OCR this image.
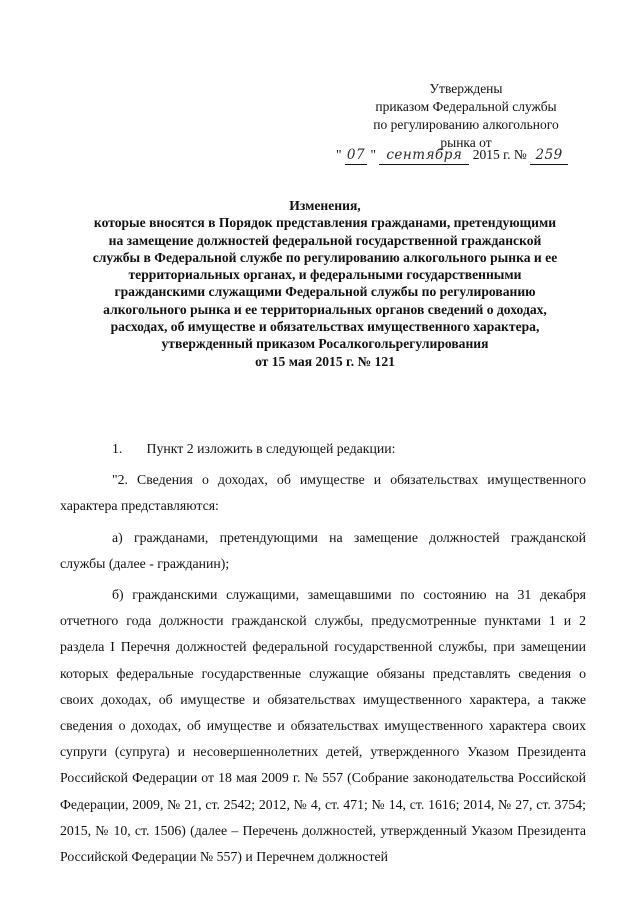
Утверждены
приказом Федеральной службы
по регулированию алкогольного
рынка от
" 07 " сентября 2015 г. № 259
Изменения,
которые вносятся в Порядок представления гражданами, претендующими
на замещение должностей федеральной государственной гражданской
службы в Федеральной службе по регулированию алкогольного рынка и ее
территориальных органах, и федеральными государственными
гражданскими служащими Федеральной службы по регулированию
алкогольного рынка и ее территориальных органов сведений о доходах,
расходах, об имуществе и обязательствах имущественного характера,
утвержденный приказом Росалкогольрегулирования
от 15 мая 2015 г. № 121

1. Пункт 2 изложить в следующей редакции:

"2. Сведения о доходах, об имуществе и обязательствах имущественного характера представляются:

а) гражданами, претендующими на замещение должностей гражданской службы (далее - гражданин);

б) гражданскими служащими, замещавшими по состоянию на 31 декабря отчетного года должности гражданской службы, предусмотренные пунктами 1 и 2 раздела I Перечня должностей федеральной государственной службы, при замещении которых федеральные государственные служащие обязаны представлять сведения о своих доходах, об имуществе и обязательствах имущественного характера, а также сведения о доходах, об имуществе и обязательствах имущественного характера своих супруги (супруга) и несовершеннолетних детей, утвержденного Указом Президента Российской Федерации от 18 мая 2009 г. № 557 (Собрание законодательства Российской Федерации, 2009, № 21, ст. 2542; 2012, № 4, ст. 471; № 14, ст. 1616; 2014, № 27, ст. 3754; 2015, № 10, ст. 1506) (далее – Перечень должностей, утвержденный Указом Президента Российской Федерации № 557) и Перечнем должностей
